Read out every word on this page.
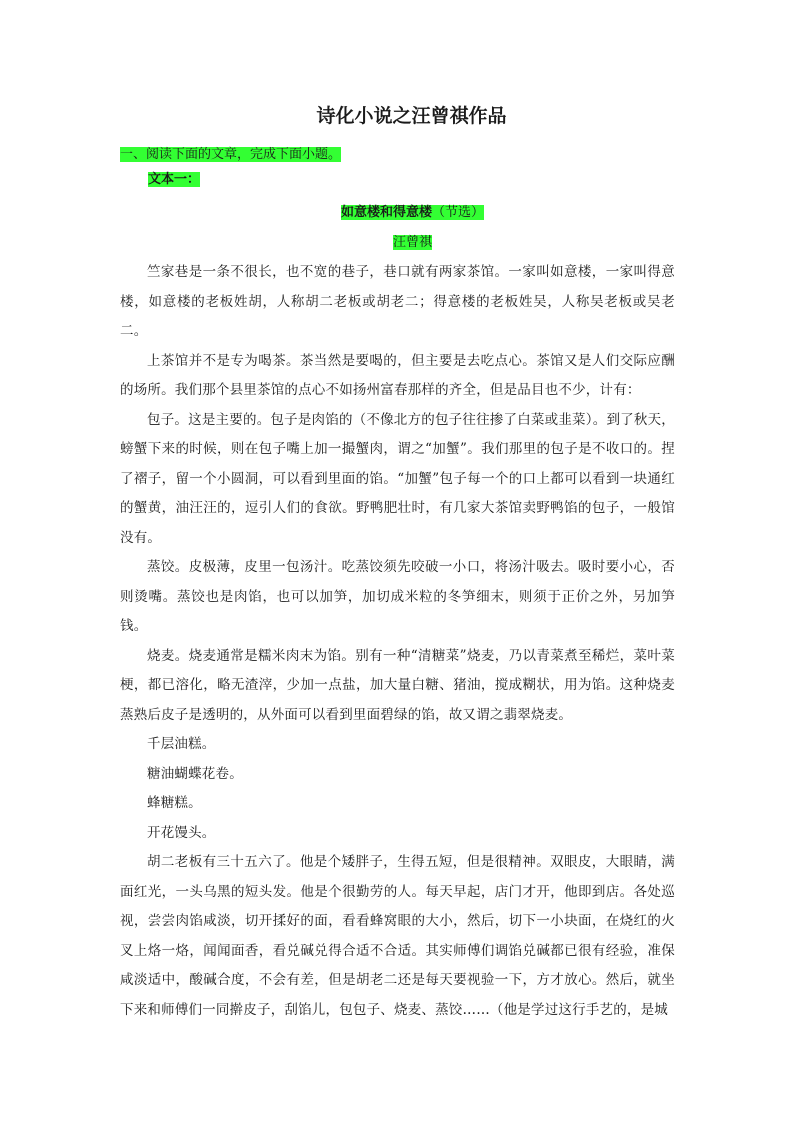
诗化小说之汪曾祺作品

一、阅读下面的文章，完成下面小题。

文本一：

如意楼和得意楼（节选）

汪曾祺

竺家巷是一条不很长，也不宽的巷子，巷口就有两家茶馆。一家叫如意楼，一家叫得意楼，如意楼的老板姓胡，人称胡二老板或胡老二；得意楼的老板姓吴，人称吴老板或吴老二。

上茶馆并不是专为喝茶。茶当然是要喝的，但主要是去吃点心。茶馆又是人们交际应酬的场所。我们那个县里茶馆的点心不如扬州富春那样的齐全，但是品目也不少，计有：

包子。这是主要的。包子是肉馅的（不像北方的包子往往掺了白菜或韭菜）。到了秋天，螃蟹下来的时候，则在包子嘴上加一撮蟹肉，谓之“加蟹”。我们那里的包子是不收口的。捏了褶子，留一个小圆洞，可以看到里面的馅。“加蟹”包子每一个的口上都可以看到一块通红的蟹黄，油汪汪的，逗引人们的食欲。野鸭肥壮时，有几家大茶馆卖野鸭馅的包子，一般馆没有。

蒸饺。皮极薄，皮里一包汤汁。吃蒸饺须先咬破一小口，将汤汁吸去。吸时要小心，否则烫嘴。蒸饺也是肉馅，也可以加笋，加切成米粒的冬笋细末，则须于正价之外，另加笋钱。

烧麦。烧麦通常是糯米肉末为馅。别有一种“清糖菜”烧麦，乃以青菜煮至稀烂，菜叶菜梗，都已溶化，略无渣滓，少加一点盐，加大量白糖、猪油，搅成糊状，用为馅。这种烧麦蒸熟后皮子是透明的，从外面可以看到里面碧绿的馅，故又谓之翡翠烧麦。

千层油糕。

糖油蝴蝶花卷。

蜂糖糕。

开花馒头。

胡二老板有三十五六了。他是个矮胖子，生得五短，但是很精神。双眼皮，大眼睛，满面红光，一头乌黑的短头发。他是个很勤劳的人。每天早起，店门才开，他即到店。各处巡视，尝尝肉馅咸淡，切开揉好的面，看看蜂窝眼的大小，然后，切下一小块面，在烧红的火叉上烙一烙，闻闻面香，看兑碱兑得合适不合适。其实师傅们调馅兑碱都已很有经验，准保咸淡适中，酸碱合度，不会有差，但是胡老二还是每天要视验一下，方才放心。然后，就坐下来和师傅们一同擀皮子，刮馅儿，包包子、烧麦、蒸饺……（他是学过这行手艺的，是城
